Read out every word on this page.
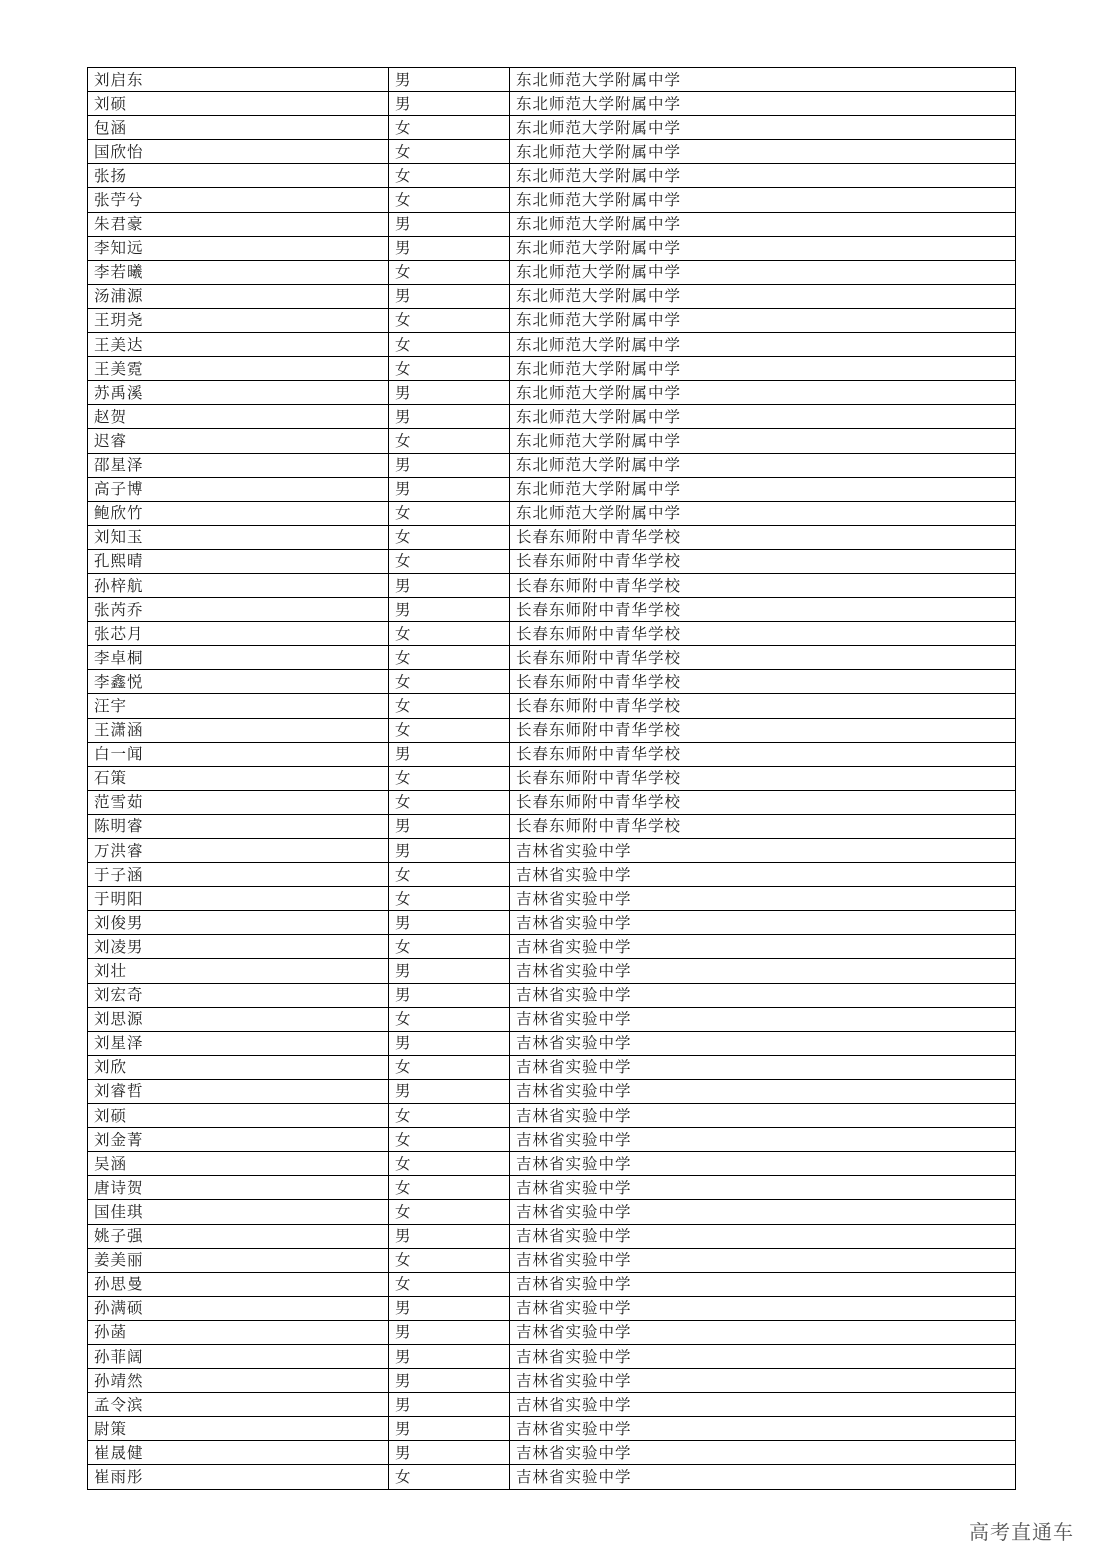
刘启东	男	东北师范大学附属中学
刘硕	男	东北师范大学附属中学
包涵	女	东北师范大学附属中学
国欣怡	女	东北师范大学附属中学
张扬	女	东北师范大学附属中学
张苧兮	女	东北师范大学附属中学
朱君豪	男	东北师范大学附属中学
李知远	男	东北师范大学附属中学
李若曦	女	东北师范大学附属中学
汤浦源	男	东北师范大学附属中学
王玥尧	女	东北师范大学附属中学
王美达	女	东北师范大学附属中学
王美霓	女	东北师范大学附属中学
苏禹溪	男	东北师范大学附属中学
赵贺	男	东北师范大学附属中学
迟睿	女	东北师范大学附属中学
邵星泽	男	东北师范大学附属中学
高子博	男	东北师范大学附属中学
鲍欣竹	女	东北师范大学附属中学
刘知玉	女	长春东师附中青华学校
孔熙晴	女	长春东师附中青华学校
孙梓航	男	长春东师附中青华学校
张芮乔	男	长春东师附中青华学校
张芯月	女	长春东师附中青华学校
李卓桐	女	长春东师附中青华学校
李鑫悦	女	长春东师附中青华学校
汪宇	女	长春东师附中青华学校
王潇涵	女	长春东师附中青华学校
白一闻	男	长春东师附中青华学校
石策	女	长春东师附中青华学校
范雪茹	女	长春东师附中青华学校
陈明睿	男	长春东师附中青华学校
万洪睿	男	吉林省实验中学
于子涵	女	吉林省实验中学
于明阳	女	吉林省实验中学
刘俊男	男	吉林省实验中学
刘凌男	女	吉林省实验中学
刘壮	男	吉林省实验中学
刘宏奇	男	吉林省实验中学
刘思源	女	吉林省实验中学
刘星泽	男	吉林省实验中学
刘欣	女	吉林省实验中学
刘睿哲	男	吉林省实验中学
刘硕	女	吉林省实验中学
刘金菁	女	吉林省实验中学
吴涵	女	吉林省实验中学
唐诗贺	女	吉林省实验中学
国佳琪	女	吉林省实验中学
姚子强	男	吉林省实验中学
姜美丽	女	吉林省实验中学
孙思曼	女	吉林省实验中学
孙满硕	男	吉林省实验中学
孙菡	男	吉林省实验中学
孙菲阔	男	吉林省实验中学
孙靖然	男	吉林省实验中学
孟令滨	男	吉林省实验中学
尉策	男	吉林省实验中学
崔晟健	男	吉林省实验中学
崔雨彤	女	吉林省实验中学
高考直通车
